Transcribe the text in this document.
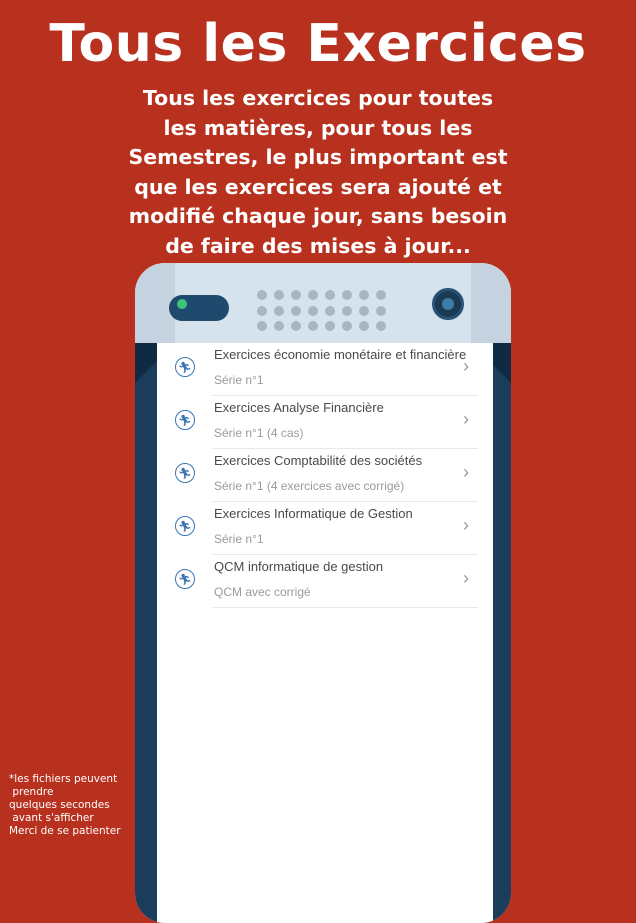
Tous les Exercices
Tous les exercices pour toutes
les matières, pour tous les
Semestres, le plus important est
que les exercices sera ajouté et
modifié chaque jour, sans besoin
de faire des mises à jour...
🏃︎
Exercices économie monétaire et financière
Série n°1
›
🏃︎
Exercices Analyse Financière
Série n°1 (4 cas)
›
🏃︎
Exercices Comptabilité des sociétés
Série n°1 (4 exercices avec corrigé)
›
🏃︎
Exercices Informatique de Gestion
Série n°1
›
🏃︎
QCM informatique de gestion
QCM avec corrigé
›
*les fichiers peuvent
prendre
quelques secondes
avant s'afficher
Merci de se patienter
